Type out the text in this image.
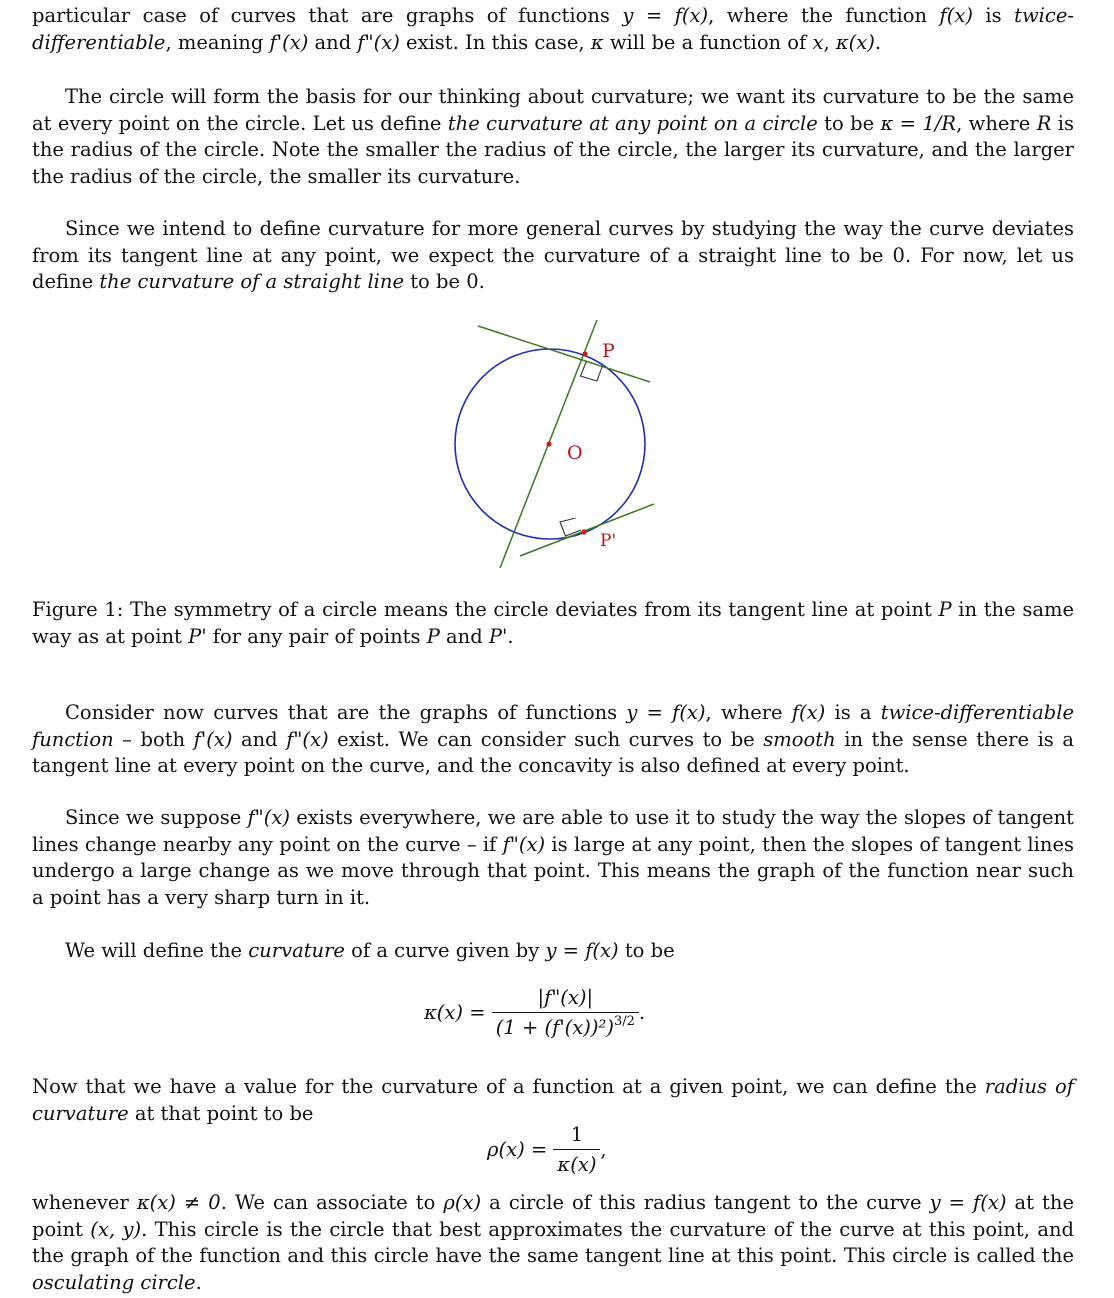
particular case of curves that are graphs of functions y = f(x), where the function f(x) is twice-differentiable, meaning f'(x) and f"(x) exist. In this case, κ will be a function of x, κ(x).

The circle will form the basis for our thinking about curvature; we want its curvature to be the same at every point on the circle. Let us define the curvature at any point on a circle to be κ = 1/R, where R is the radius of the circle. Note the smaller the radius of the circle, the larger its curvature, and the larger the radius of the circle, the smaller its curvature.

Since we intend to define curvature for more general curves by studying the way the curve deviates from its tangent line at any point, we expect the curvature of a straight line to be 0. For now, let us define the curvature of a straight line to be 0.

Figure 1: The symmetry of a circle means the circle deviates from its tangent line at point P in the same way as at point P' for any pair of points P and P'.

Consider now curves that are the graphs of functions y = f(x), where f(x) is a twice-differentiable function – both f'(x) and f"(x) exist. We can consider such curves to be smooth in the sense there is a tangent line at every point on the curve, and the concavity is also defined at every point.

Since we suppose f"(x) exists everywhere, we are able to use it to study the way the slopes of tangent lines change nearby any point on the curve – if f"(x) is large at any point, then the slopes of tangent lines undergo a large change as we move through that point. This means the graph of the function near such a point has a very sharp turn in it.

We will define the curvature of a curve given by y = f(x) to be

$\kappa(x) = \frac{|f"(x)|}{(1 + (f'(x))^2)^{3/2}}$ .

Now that we have a value for the curvature of a function at a given point, we can define the radius of curvature at that point to be

$\rho(x) = \frac{1}{\kappa(x)}$ ,

whenever κ(x) ≠ 0. We can associate to ρ(x) a circle of this radius tangent to the curve y = f(x) at the point (x, y). This circle is the circle that best approximates the curvature of the curve at this point, and the graph of the function and this circle have the same tangent line at this point. This circle is called the osculating circle.

P
O
P'
